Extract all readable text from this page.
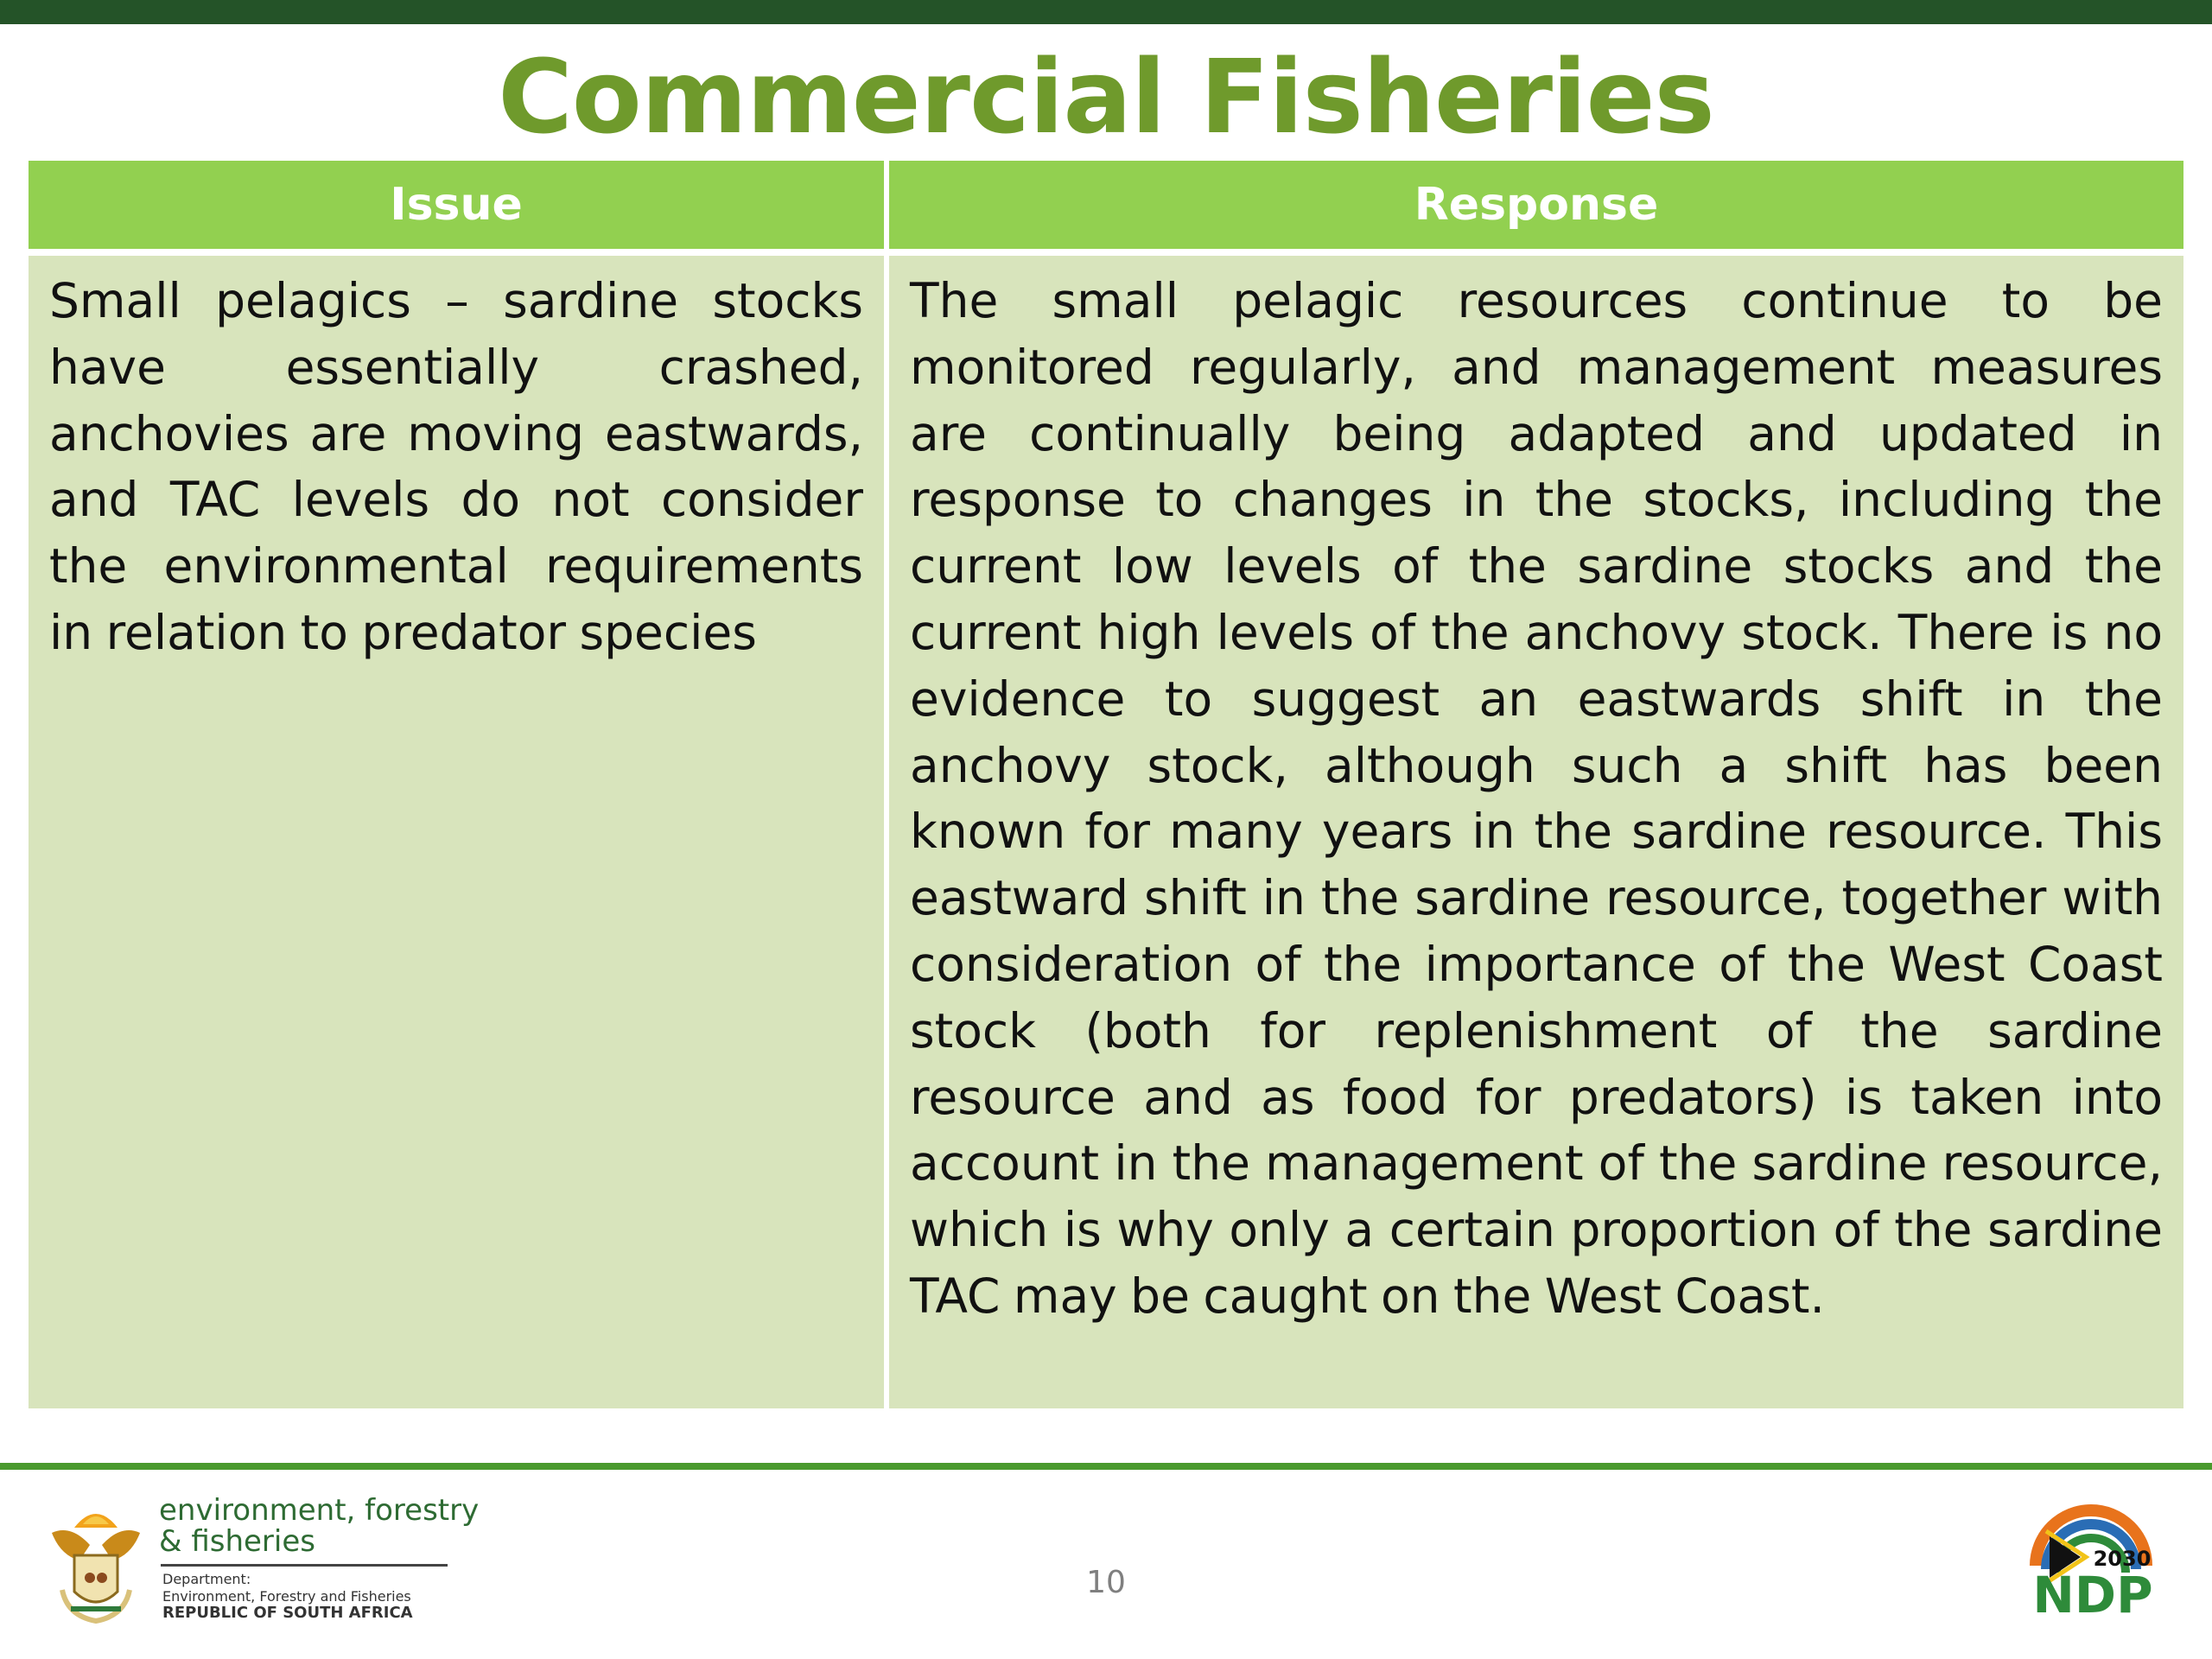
Commercial Fisheries
Issue
Small pelagics – sardine stocks have essentially crashed, anchovies are moving eastwards, and TAC levels do not consider the environmental requirements in relation to predator species
Response
The small pelagic resources continue to be monitored regularly, and management measures are continually being adapted and updated in response to changes in the stocks, including the current low levels of the sardine stocks and the current high levels of the anchovy stock. There is no evidence to suggest an eastwards shift in the anchovy stock, although such a shift has been known for many years in the sardine resource. This eastward shift in the sardine resource, together with consideration of the importance of the West Coast stock (both for replenishment of the sardine resource and as food for predators) is taken into account in the management of the sardine resource, which is why only a certain proportion of the sardine TAC may be caught on the West Coast.
environment, forestry
& fisheries
Department:
Environment, Forestry and Fisheries
REPUBLIC OF SOUTH AFRICA
10
2030
NDP
